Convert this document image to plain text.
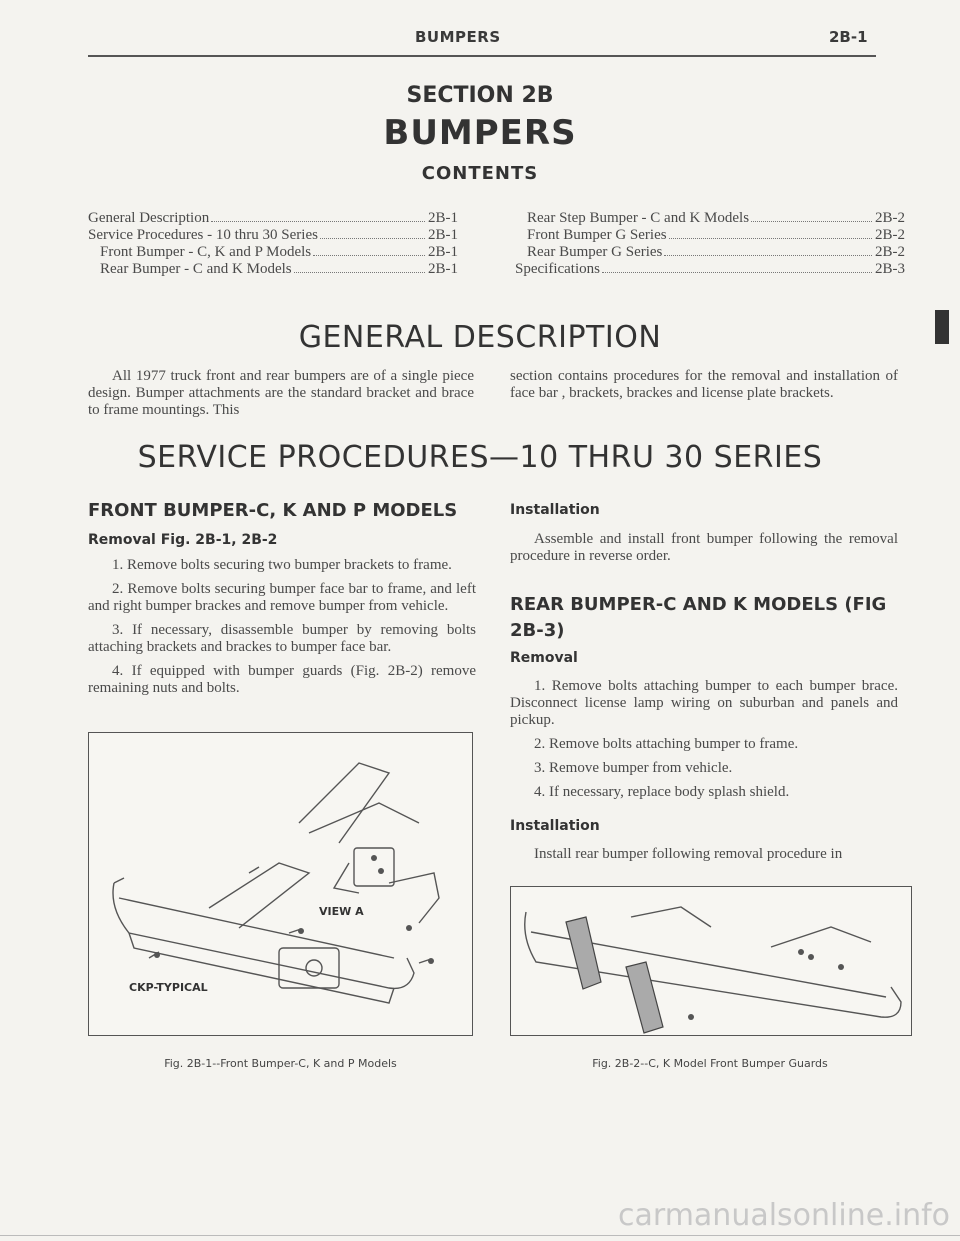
BUMPERS	2B-1
SECTION 2B
BUMPERS
CONTENTS
General Description	2B-1
Service Procedures - 10 thru 30 Series	2B-1
Front Bumper - C, K and P Models	2B-1
Rear Bumper - C and K Models	2B-1
Rear Step Bumper - C and K Models	2B-2
Front Bumper G Series	2B-2
Rear Bumper G Series	2B-2
Specifications	2B-3
GENERAL DESCRIPTION
All 1977 truck front and rear bumpers are of a single piece design. Bumper attachments are the standard bracket and brace to frame mountings. This
section contains procedures for the removal and installation of face bar , brackets, brackes and license plate brackets.
SERVICE PROCEDURES—10 THRU 30 SERIES
FRONT BUMPER-C, K AND P MODELS
Removal Fig. 2B-1, 2B-2

1. Remove bolts securing two bumper brackets to frame.

2. Remove bolts securing bumper face bar to frame, and left and right bumper brackes and remove bumper from vehicle.

3. If necessary, disassemble bumper by removing bolts attaching brackets and brackes to bumper face bar.

4. If equipped with bumper guards (Fig. 2B-2) remove remaining nuts and bolts.

Installation
Assemble and install front bumper following the removal procedure in reverse order.
REAR BUMPER-C AND K MODELS (FIG 2B-3)
Removal

1. Remove bolts attaching bumper to each bumper brace. Disconnect license lamp wiring on suburban and panels and pickup.

2. Remove bolts attaching bumper to frame.

3. Remove bumper from vehicle.

4. If necessary, replace body splash shield.

Installation
Install rear bumper following removal procedure in
VIEW A
CKP-TYPICAL
Fig. 2B-1--Front Bumper-C, K and P Models	Fig. 2B-2--C, K Model Front Bumper Guards
carmanualsonline.info
